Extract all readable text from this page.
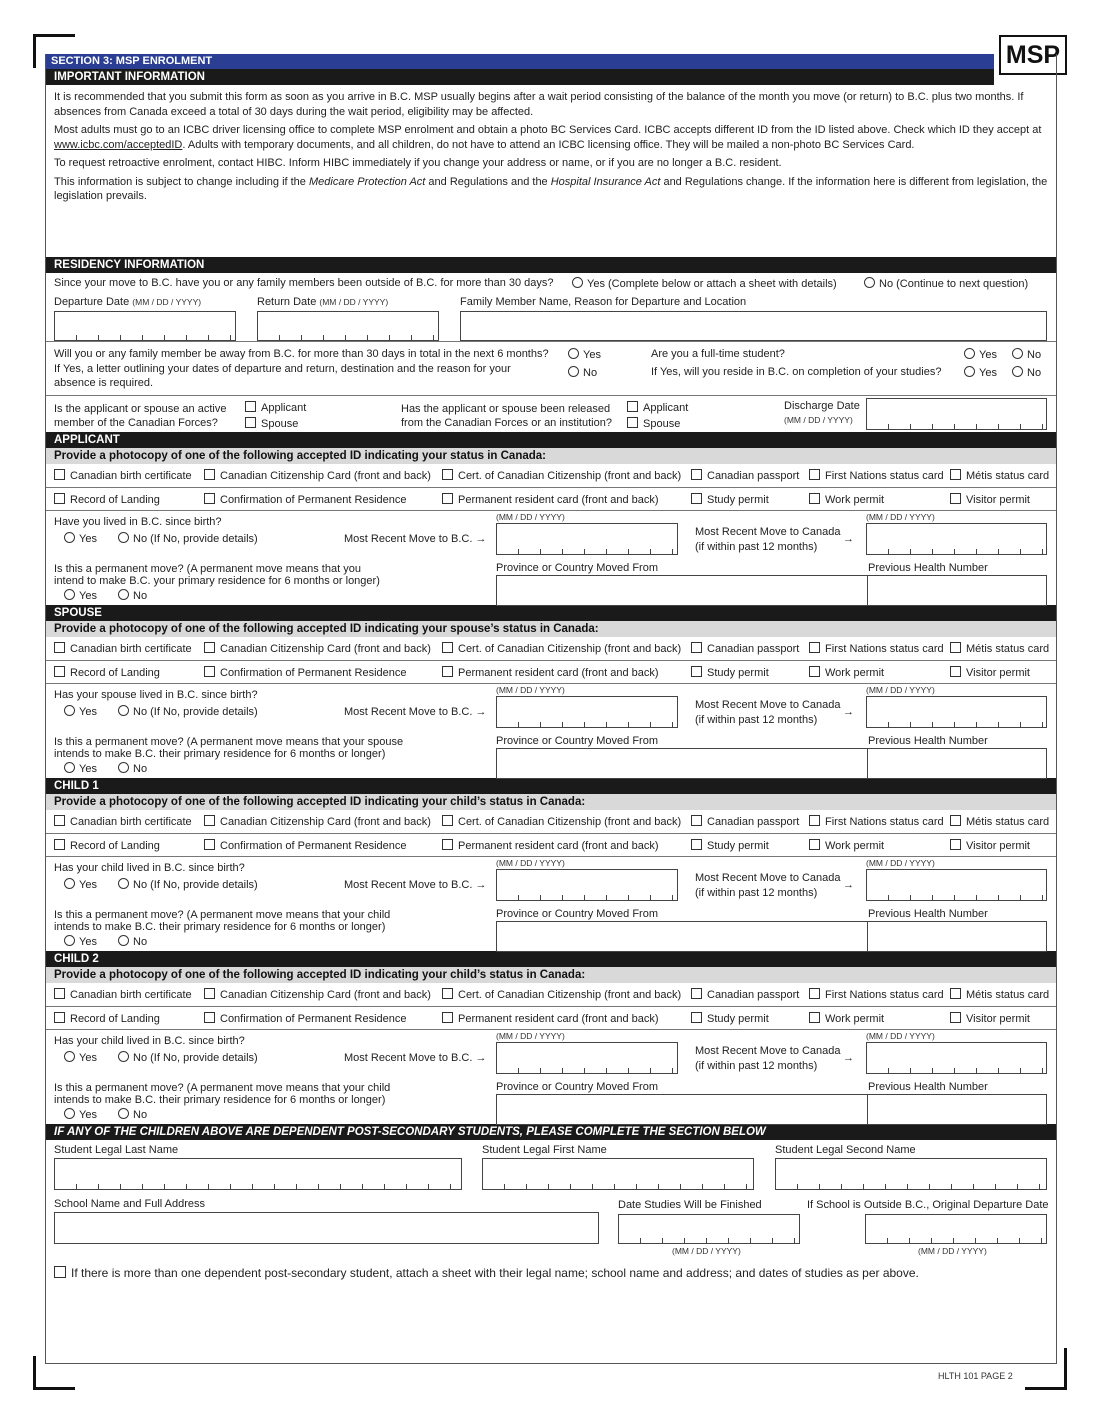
MSP
SECTION 3: MSP ENROLMENT
IMPORTANT INFORMATION

It is recommended that you submit this form as soon as you arrive in B.C. MSP usually begins after a wait period consisting of the balance of the month you move (or return) to B.C. plus two months. If absences from Canada exceed a total of 30 days during the wait period, eligibility may be affected.

Most adults must go to an ICBC driver licensing office to complete MSP enrolment and obtain a photo BC Services Card. ICBC accepts different ID from the ID listed above. Check which ID they accept at www.icbc.com/acceptedID. Adults with temporary documents, and all children, do not have to attend an ICBC licensing office. They will be mailed a non-photo BC Services Card.

To request retroactive enrolment, contact HIBC. Inform HIBC immediately if you change your address or name, or if you are no longer a B.C. resident.

This information is subject to change including if the Medicare Protection Act and Regulations and the Hospital Insurance Act and Regulations change. If the information here is different from legislation, the legislation prevails.

RESIDENCY INFORMATION
Since your move to B.C. have you or any family members been outside of B.C. for more than 30 days?	Yes (Complete below or attach a sheet with details)	No (Continue to next question)
Departure Date (MM / DD / YYYY)	Return Date (MM / DD / YYYY)	Family Member Name, Reason for Departure and Location
Will you or any family member be away from B.C. for more than 30 days in total in the next 6 months?
If Yes, a letter outlining your dates of departure and return, destination and the reason for your absence is required.
Yes
No
Are you a full-time student?
If Yes, will you reside in B.C. on completion of your studies?
Yes	No
Yes	No
Is the applicant or spouse an active member of the Canadian Forces?
Applicant
Spouse
Has the applicant or spouse been released from the Canadian Forces or an institution?
Applicant
Spouse
Discharge Date
(MM / DD / YYYY)
APPLICANT
Provide a photocopy of one of the following accepted ID indicating your status in Canada:
Canadian birth certificate	Canadian Citizenship Card (front and back)	Cert. of Canadian Citizenship (front and back)	Canadian passport	First Nations status card	Métis status card
Record of Landing	Confirmation of Permanent Residence	Permanent resident card (front and back)	Study permit	Work permit	Visitor permit
Have you lived in B.C. since birth?
Yes	No (If No, provide details)	Most Recent Move to B.C. →
(MM / DD / YYYY)
Most Recent Move to Canada
(if within past 12 months)
→
(MM / DD / YYYY)
Is this a permanent move? (A permanent move means that you
intend to make B.C. your primary residence for 6 months or longer)
Yes	No
Province or Country Moved From	Previous Health Number
SPOUSE
Provide a photocopy of one of the following accepted ID indicating your spouse’s status in Canada:
Canadian birth certificate	Canadian Citizenship Card (front and back)	Cert. of Canadian Citizenship (front and back)	Canadian passport	First Nations status card	Métis status card
Record of Landing	Confirmation of Permanent Residence	Permanent resident card (front and back)	Study permit	Work permit	Visitor permit
Has your spouse lived in B.C. since birth?
Yes	No (If No, provide details)	Most Recent Move to B.C. →
(MM / DD / YYYY)
Most Recent Move to Canada
(if within past 12 months)
→
(MM / DD / YYYY)
Is this a permanent move? (A permanent move means that your spouse
intends to make B.C. their primary residence for 6 months or longer)
Yes	No
Province or Country Moved From	Previous Health Number
CHILD 1
Provide a photocopy of one of the following accepted ID indicating your child’s status in Canada:
Canadian birth certificate	Canadian Citizenship Card (front and back)	Cert. of Canadian Citizenship (front and back)	Canadian passport	First Nations status card	Métis status card
Record of Landing	Confirmation of Permanent Residence	Permanent resident card (front and back)	Study permit	Work permit	Visitor permit
Has your child lived in B.C. since birth?
Yes	No (If No, provide details)	Most Recent Move to B.C. →
(MM / DD / YYYY)
Most Recent Move to Canada
(if within past 12 months)
→
(MM / DD / YYYY)
Is this a permanent move? (A permanent move means that your child
intends to make B.C. their primary residence for 6 months or longer)
Yes	No
Province or Country Moved From	Previous Health Number
CHILD 2
Provide a photocopy of one of the following accepted ID indicating your child’s status in Canada:
Canadian birth certificate	Canadian Citizenship Card (front and back)	Cert. of Canadian Citizenship (front and back)	Canadian passport	First Nations status card	Métis status card
Record of Landing	Confirmation of Permanent Residence	Permanent resident card (front and back)	Study permit	Work permit	Visitor permit
Has your child lived in B.C. since birth?
Yes	No (If No, provide details)	Most Recent Move to B.C. →
(MM / DD / YYYY)
Most Recent Move to Canada
(if within past 12 months)
→
(MM / DD / YYYY)
Is this a permanent move? (A permanent move means that your child
intends to make B.C. their primary residence for 6 months or longer)
Yes	No
Province or Country Moved From	Previous Health Number
IF ANY OF THE CHILDREN ABOVE ARE DEPENDENT POST-SECONDARY STUDENTS, PLEASE COMPLETE THE SECTION BELOW
Student Legal Last Name	Student Legal First Name	Student Legal Second Name
School Name and Full Address	Date Studies Will be Finished
(MM / DD / YYYY)
If School is Outside B.C., Original Departure Date
(MM / DD / YYYY)
If there is more than one dependent post-secondary student, attach a sheet with their legal name; school name and address; and dates of studies as per above.
HLTH 101 PAGE 2
